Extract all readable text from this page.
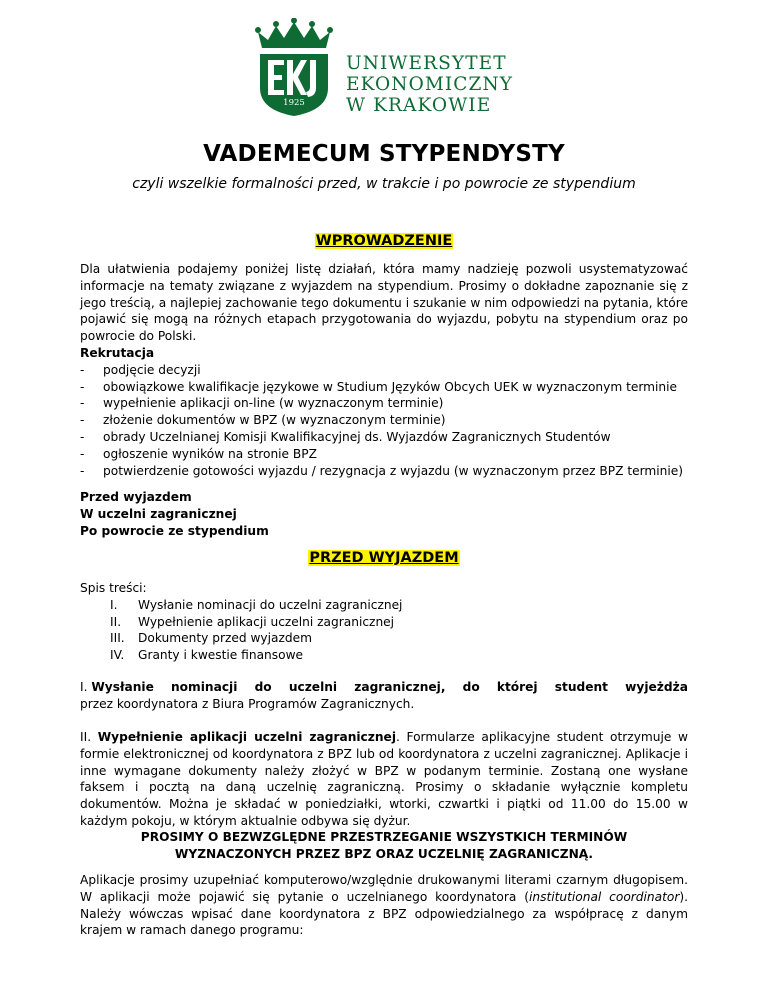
1925
UNIWERSYTET
EKONOMICZNY
W KRAKOWIE
VADEMECUM STYPENDYSTY
czyli wszelkie formalności przed, w trakcie i po powrocie ze stypendium
WPROWADZENIE
Dla ułatwienia podajemy poniżej listę działań, która mamy nadzieję pozwoli usystematyzować informacje na tematy związane z wyjazdem na stypendium. Prosimy o dokładne zapoznanie się z jego treścią, a najlepiej zachowanie tego dokumentu i szukanie w nim odpowiedzi na pytania, które pojawić się mogą na różnych etapach przygotowania do wyjazdu, pobytu na stypendium oraz po powrocie do Polski.
Rekrutacja
-	podjęcie decyzji
-	obowiązkowe kwalifikacje językowe w Studium Języków Obcych UEK w wyznaczonym terminie
-	wypełnienie aplikacji on-line (w wyznaczonym terminie)
-	złożenie dokumentów w BPZ (w wyznaczonym terminie)
-	obrady Uczelnianej Komisji Kwalifikacyjnej ds. Wyjazdów Zagranicznych Studentów
-	ogłoszenie wyników na stronie BPZ
-	potwierdzenie gotowości wyjazdu / rezygnacja z wyjazdu (w wyznaczonym przez BPZ terminie)
Przed wyjazdem
W uczelni zagranicznej
Po powrocie ze stypendium
PRZED WYJAZDEM
Spis treści:
I.	Wysłanie nominacji do uczelni zagranicznej
II.	Wypełnienie aplikacji uczelni zagranicznej
III.	Dokumenty przed wyjazdem
IV.	Granty i kwestie finansowe
I. Wysłanie nominacji do uczelni zagranicznej, do której student wyjeżdża
przez koordynatora z Biura Programów Zagranicznych.
II. Wypełnienie aplikacji uczelni zagranicznej. Formularze aplikacyjne student otrzymuje w formie elektronicznej od koordynatora z BPZ lub od koordynatora z uczelni zagranicznej. Aplikacje i inne wymagane dokumenty należy złożyć w BPZ w podanym terminie. Zostaną one wysłane faksem i pocztą na daną uczelnię zagraniczną. Prosimy o składanie wyłącznie kompletu dokumentów. Można je składać w poniedziałki, wtorki, czwartki i piątki od 11.00 do 15.00 w każdym pokoju, w którym aktualnie odbywa się dyżur.
PROSIMY O BEZWZGLĘDNE PRZESTRZEGANIE WSZYSTKICH TERMINÓW
WYZNACZONYCH PRZEZ BPZ ORAZ UCZELNIĘ ZAGRANICZNĄ.
Aplikacje prosimy uzupełniać komputerowo/względnie drukowanymi literami czarnym długopisem. W aplikacji może pojawić się pytanie o uczelnianego koordynatora (institutional coordinator). Należy wówczas wpisać dane koordynatora z BPZ odpowiedzialnego za współpracę z danym krajem w ramach danego programu:
